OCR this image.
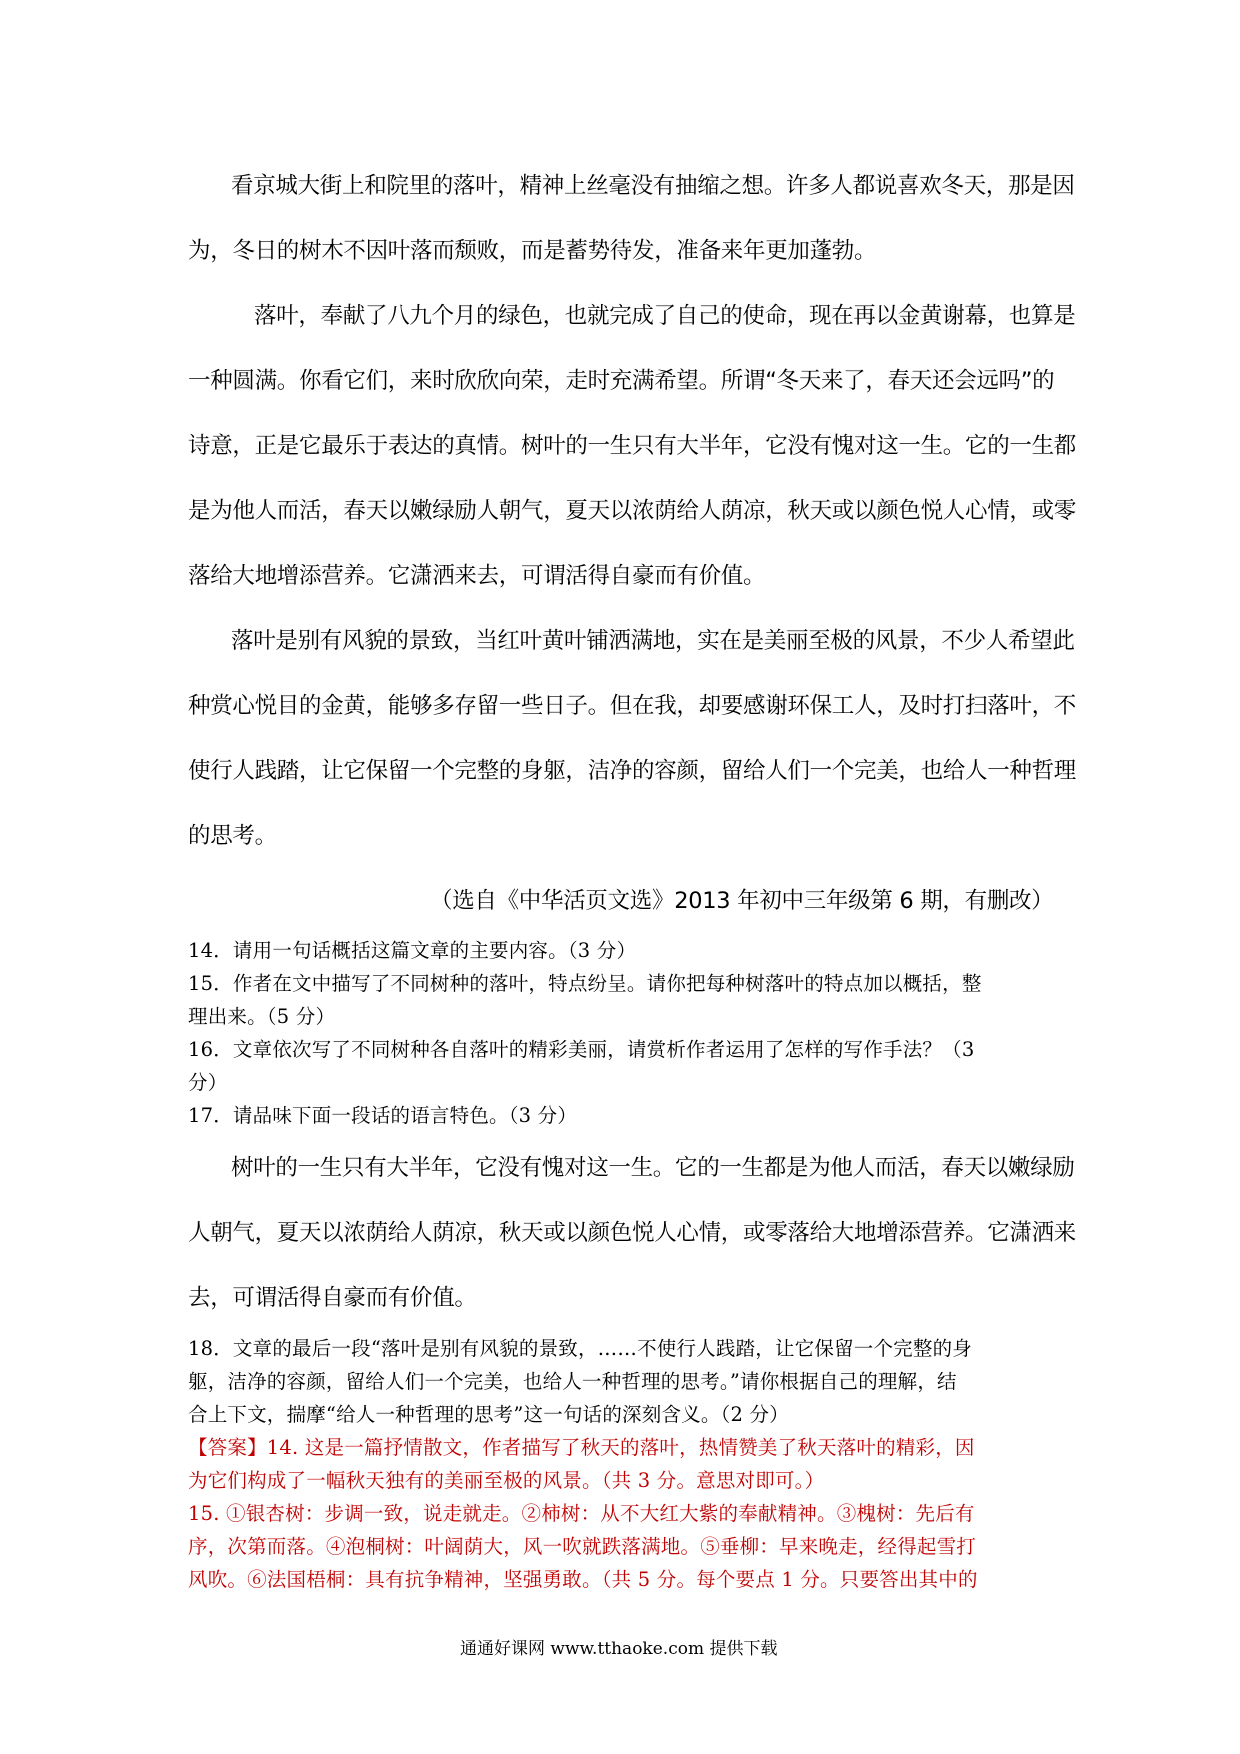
看京城大街上和院里的落叶，精神上丝毫没有抽缩之想。许多人都说喜欢冬天，那是因
为，冬日的树木不因叶落而颓败，而是蓄势待发，准备来年更加蓬勃。
落叶，奉献了八九个月的绿色，也就完成了自己的使命，现在再以金黄谢幕，也算是
一种圆满。你看它们，来时欣欣向荣，走时充满希望。所谓“冬天来了，春天还会远吗”的
诗意，正是它最乐于表达的真情。树叶的一生只有大半年，它没有愧对这一生。它的一生都
是为他人而活，春天以嫩绿励人朝气，夏天以浓荫给人荫凉，秋天或以颜色悦人心情，或零
落给大地增添营养。它潇洒来去，可谓活得自豪而有价值。
落叶是别有风貌的景致，当红叶黄叶铺洒满地，实在是美丽至极的风景，不少人希望此
种赏心悦目的金黄，能够多存留一些日子。但在我，却要感谢环保工人，及时打扫落叶，不
使行人践踏，让它保留一个完整的身躯，洁净的容颜，留给人们一个完美，也给人一种哲理
的思考。
（选自《中华活页文选》2013 年初中三年级第 6 期，有删改）
14．请用一句话概括这篇文章的主要内容。（3 分）
15．作者在文中描写了不同树种的落叶，特点纷呈。请你把每种树落叶的特点加以概括，整
理出来。（5 分）
16．文章依次写了不同树种各自落叶的精彩美丽，请赏析作者运用了怎样的写作手法？（3
分）
17．请品味下面一段话的语言特色。（3 分）
树叶的一生只有大半年，它没有愧对这一生。它的一生都是为他人而活，春天以嫩绿励
人朝气，夏天以浓荫给人荫凉，秋天或以颜色悦人心情，或零落给大地增添营养。它潇洒来
去，可谓活得自豪而有价值。
18．文章的最后一段“落叶是别有风貌的景致，……不使行人践踏，让它保留一个完整的身
躯，洁净的容颜，留给人们一个完美，也给人一种哲理的思考。”请你根据自己的理解，结
合上下文，揣摩“给人一种哲理的思考”这一句话的深刻含义。（2 分）
【答案】14. 这是一篇抒情散文，作者描写了秋天的落叶，热情赞美了秋天落叶的精彩，因
为它们构成了一幅秋天独有的美丽至极的风景。（共 3 分。意思对即可。）
15. ①银杏树：步调一致，说走就走。②柿树：从不大红大紫的奉献精神。③槐树：先后有
序，次第而落。④泡桐树：叶阔荫大，风一吹就跌落满地。⑤垂柳：早来晚走，经得起雪打
风吹。⑥法国梧桐：具有抗争精神，坚强勇敢。（共 5 分。每个要点 1 分。只要答出其中的
通通好课网 www.tthaoke.com 提供下载
